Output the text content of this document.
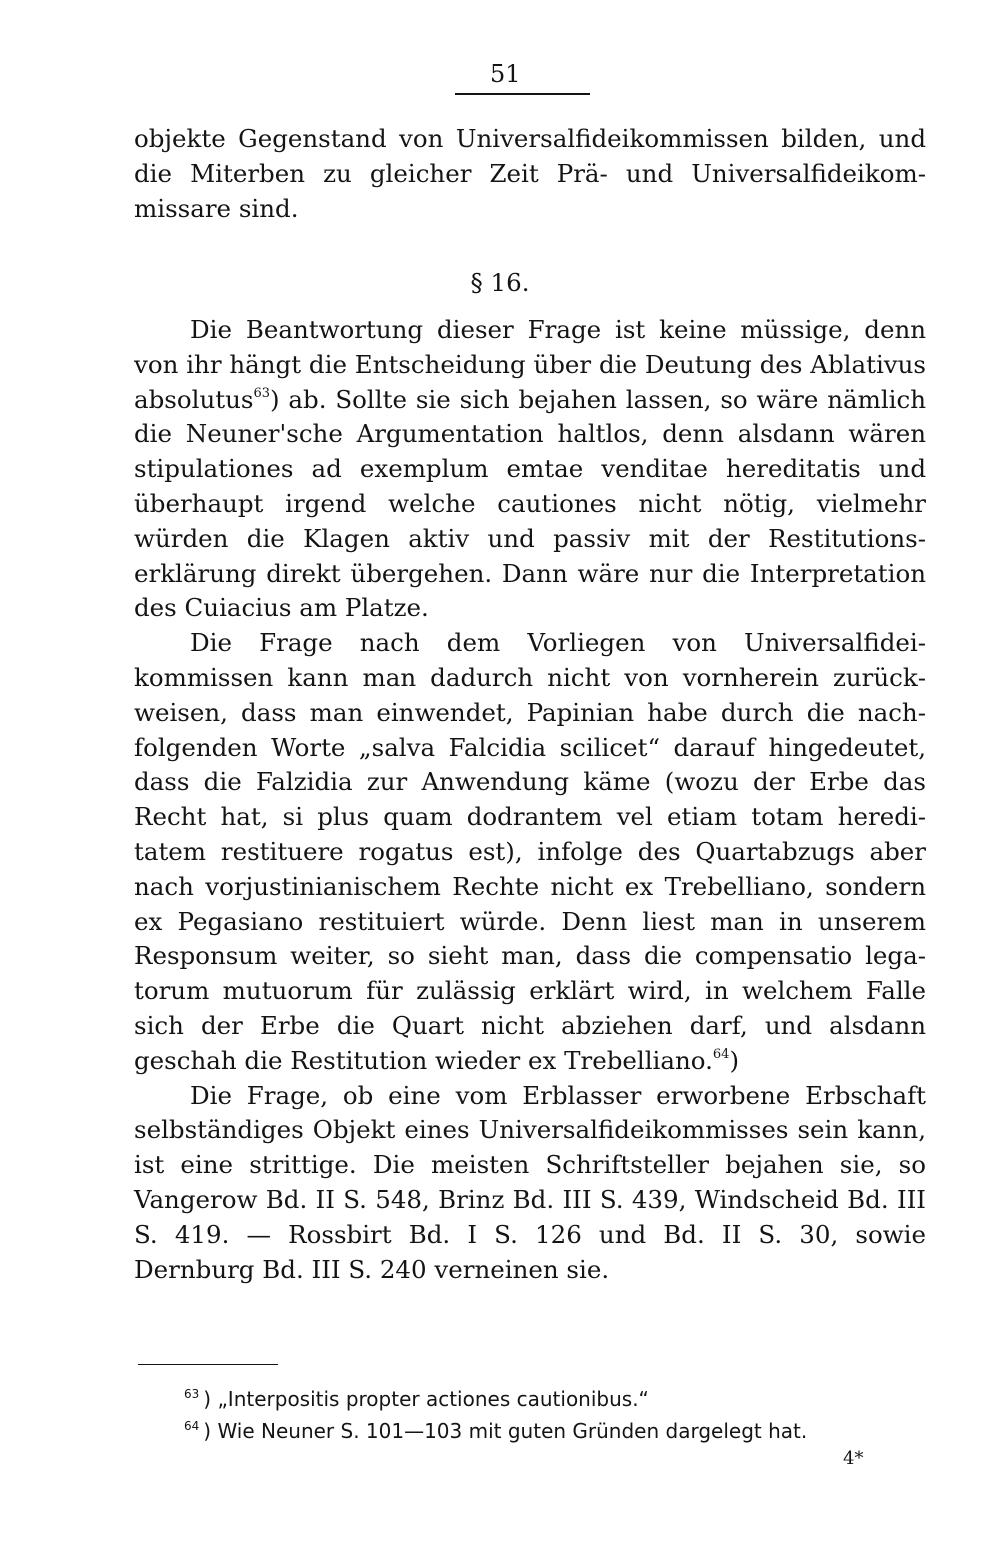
51

objekte Gegenstand von Universalfideikommissen bilden, und die Miterben zu gleicher Zeit Prä- und Universalfideikommissare sind.

§ 16.

Die Beantwortung dieser Frage ist keine müssige, denn von ihr hängt die Entscheidung über die Deutung des Ablativus absolutus$^{63}$) ab. Sollte sie sich bejahen lassen, so wäre nämlich die Neuner'sche Argumentation haltlos, denn alsdann wären stipulationes ad exemplum emtae venditae hereditatis und überhaupt irgend welche cautiones nicht nötig, vielmehr würden die Klagen aktiv und passiv mit der Restitutionserklärung direkt übergehen. Dann wäre nur die Interpretation des Cuiacius am Platze.

Die Frage nach dem Vorliegen von Universalfideikommissen kann man dadurch nicht von vornherein zurückweisen, dass man einwendet, Papinian habe durch die nachfolgenden Worte „salva Falcidia scilicet“ darauf hingedeutet, dass die Falzidia zur Anwendung käme (wozu der Erbe das Recht hat, si plus quam dodrantem vel etiam totam hereditatem restituere rogatus est), infolge des Quartabzugs aber nach vorjustinianischem Rechte nicht ex Trebelliano, sondern ex Pegasiano restituiert würde. Denn liest man in unserem Responsum weiter, so sieht man, dass die compensatio legatorum mutuorum für zulässig erklärt wird, in welchem Falle sich der Erbe die Quart nicht abziehen darf, und alsdann geschah die Restitution wieder ex Trebelliano.$^{64}$)

Die Frage, ob eine vom Erblasser erworbene Erbschaft selbständiges Objekt eines Universalfideikommisses sein kann, ist eine strittige. Die meisten Schriftsteller bejahen sie, so Vangerow Bd. II S. 548, Brinz Bd. III S. 439, Windscheid Bd. III S. 419. — Rossbirt Bd. I S. 126 und Bd. II S. 30, sowie Dernburg Bd. III S. 240 verneinen sie.

$^{63}$ ) „Interpositis propter actiones cautionibus.“

$^{64}$ ) Wie Neuner S. 101—103 mit guten Gründen dargelegt hat.

4*
